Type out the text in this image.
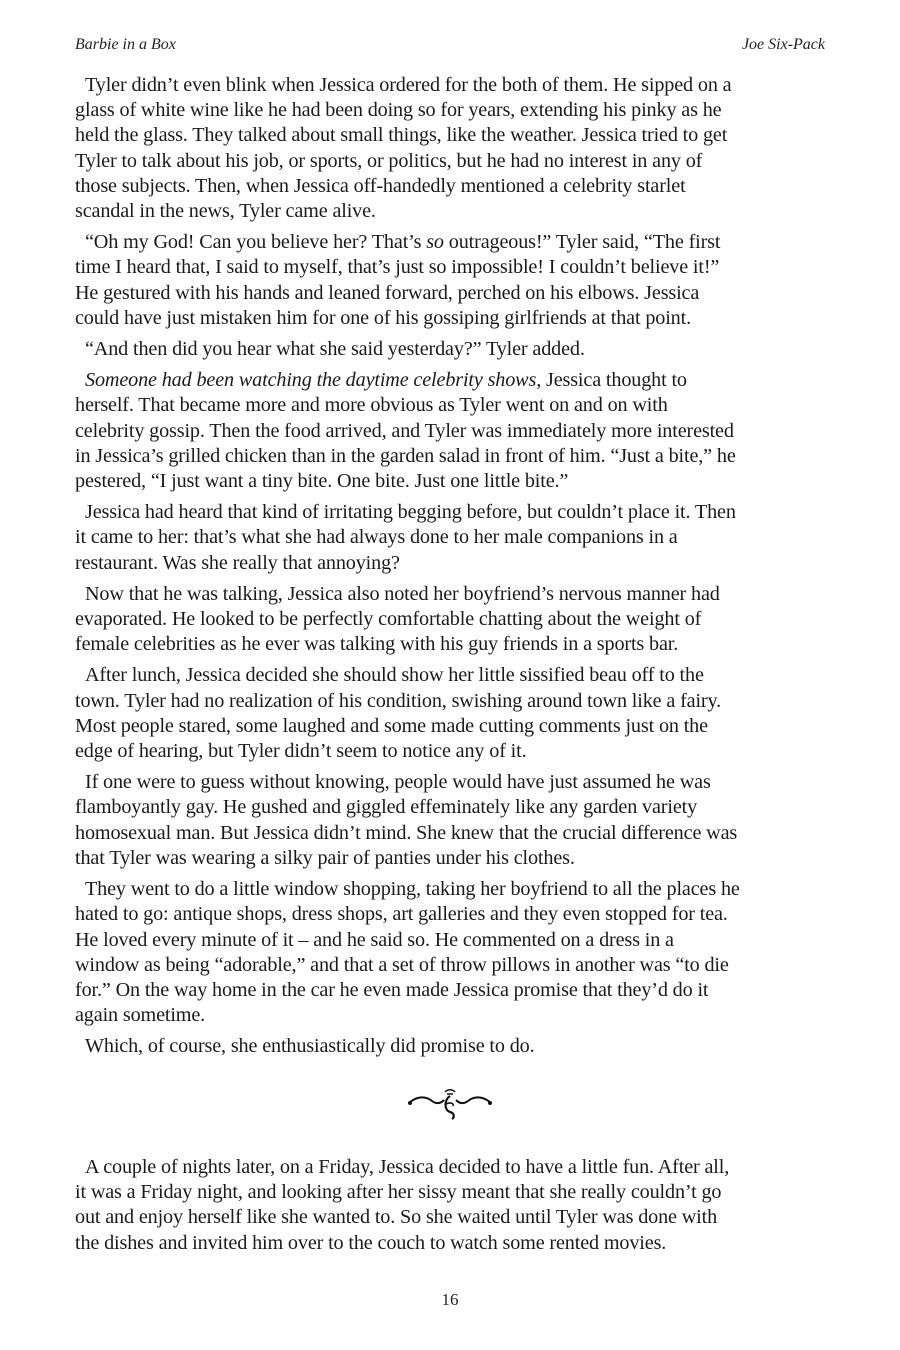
Barbie in a Box	Joe Six-Pack

Tyler didn’t even blink when Jessica ordered for the both of them. He sipped on a
glass of white wine like he had been doing so for years, extending his pinky as he
held the glass. They talked about small things, like the weather. Jessica tried to get
Tyler to talk about his job, or sports, or politics, but he had no interest in any of
those subjects. Then, when Jessica off-handedly mentioned a celebrity starlet
scandal in the news, Tyler came alive.

“Oh my God! Can you believe her? That’s so outrageous!” Tyler said, “The first
time I heard that, I said to myself, that’s just so impossible! I couldn’t believe it!”
He gestured with his hands and leaned forward, perched on his elbows. Jessica
could have just mistaken him for one of his gossiping girlfriends at that point.

“And then did you hear what she said yesterday?” Tyler added.

Someone had been watching the daytime celebrity shows, Jessica thought to
herself. That became more and more obvious as Tyler went on and on with
celebrity gossip. Then the food arrived, and Tyler was immediately more interested
in Jessica’s grilled chicken than in the garden salad in front of him. “Just a bite,” he
pestered, “I just want a tiny bite. One bite. Just one little bite.”

Jessica had heard that kind of irritating begging before, but couldn’t place it. Then
it came to her: that’s what she had always done to her male companions in a
restaurant. Was she really that annoying?

Now that he was talking, Jessica also noted her boyfriend’s nervous manner had
evaporated. He looked to be perfectly comfortable chatting about the weight of
female celebrities as he ever was talking with his guy friends in a sports bar.

After lunch, Jessica decided she should show her little sissified beau off to the
town. Tyler had no realization of his condition, swishing around town like a fairy.
Most people stared, some laughed and some made cutting comments just on the
edge of hearing, but Tyler didn’t seem to notice any of it.

If one were to guess without knowing, people would have just assumed he was
flamboyantly gay. He gushed and giggled effeminately like any garden variety
homosexual man. But Jessica didn’t mind. She knew that the crucial difference was
that Tyler was wearing a silky pair of panties under his clothes.

They went to do a little window shopping, taking her boyfriend to all the places he
hated to go: antique shops, dress shops, art galleries and they even stopped for tea.
He loved every minute of it – and he said so. He commented on a dress in a
window as being “adorable,” and that a set of throw pillows in another was “to die
for.” On the way home in the car he even made Jessica promise that they’d do it
again sometime.

Which, of course, she enthusiastically did promise to do.

A couple of nights later, on a Friday, Jessica decided to have a little fun. After all,
it was a Friday night, and looking after her sissy meant that she really couldn’t go
out and enjoy herself like she wanted to. So she waited until Tyler was done with
the dishes and invited him over to the couch to watch some rented movies.

16
